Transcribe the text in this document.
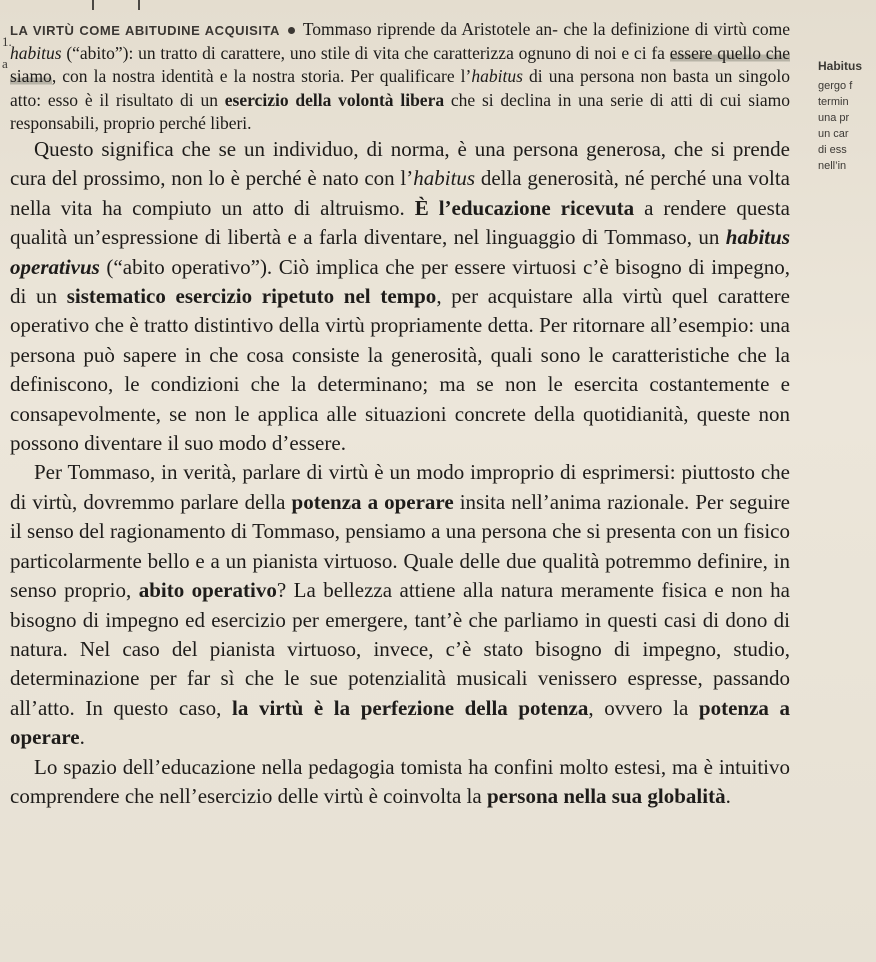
1.
a

LA VIRTÙ COME ABITUDINE ACQUISITA Tommaso riprende da Aristotele an- che la definizione di virtù come habitus (“abito”): un tratto di carattere, uno stile di vita che caratterizza ognuno di noi e ci fa essere quello che siamo, con la nostra identità e la nostra storia. Per qualificare l’habitus di una persona non basta un singolo atto: esso è il risultato di un esercizio della volontà libera che si declina in una serie di atti di cui siamo responsabili, proprio perché liberi.

Questo significa che se un individuo, di norma, è una persona generosa, che si prende cura del prossimo, non lo è perché è nato con l’habitus della generosità, né perché una volta nella vita ha compiuto un atto di altruismo. È l’educazione ricevuta a rendere questa qualità un’espressione di libertà e a farla diventare, nel linguaggio di Tommaso, un habitus operativus (“abito operativo”). Ciò implica che per essere virtuosi c’è bisogno di impegno, di un sistematico esercizio ripetuto nel tempo, per acquistare alla virtù quel carattere operativo che è tratto distintivo della virtù propriamente detta. Per ritornare all’esempio: una persona può sapere in che cosa consiste la generosità, quali sono le caratteristiche che la definiscono, le condizioni che la determinano; ma se non le esercita costantemente e consapevolmente, se non le applica alle situazioni concrete della quotidianità, queste non possono diventare il suo modo d’essere.

Per Tommaso, in verità, parlare di virtù è un modo improprio di esprimersi: piuttosto che di virtù, dovremmo parlare della potenza a operare insita nell’anima razionale. Per seguire il senso del ragionamento di Tommaso, pensiamo a una persona che si presenta con un fisico particolarmente bello e a un pianista virtuoso. Quale delle due qualità potremmo definire, in senso proprio, abito operativo? La bellezza attiene alla natura meramente fisica e non ha bisogno di impegno ed esercizio per emergere, tant’è che parliamo in questi casi di dono di natura. Nel caso del pianista virtuoso, invece, c’è stato bisogno di impegno, studio, determinazione per far sì che le sue potenzialità musicali venissero espresse, passando all’atto. In questo caso, la virtù è la perfezione della potenza, ovvero la potenza a operare.

Lo spazio dell’educazione nella pedagogia tomista ha confini molto estesi, ma è intuitivo comprendere che nell’esercizio delle virtù è coinvolta la persona nella sua globalità.

Habitus
gergo f
termin
una pr
un car
di ess
nell’in
